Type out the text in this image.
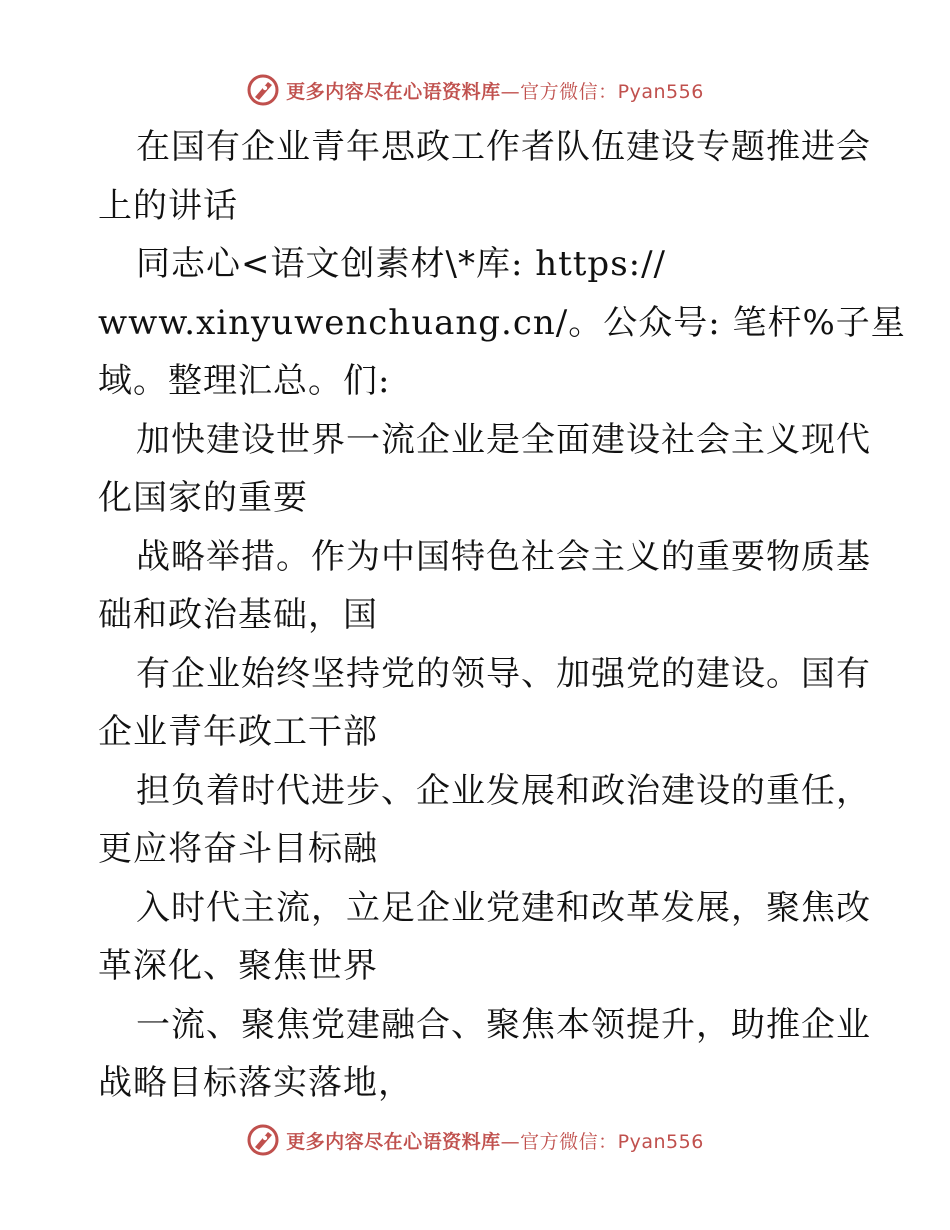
更多内容尽在心语资料库—官方微信：Pyan556
在国有企业青年思政工作者队伍建设专题推进会
上的讲话
同志心<语文创素材\*库: https://
www.xinyuwenchuang.cn/。公众号: 笔杆%子星
域。整理汇总。们:
加快建设世界一流企业是全面建设社会主义现代
化国家的重要
战略举措。作为中国特色社会主义的重要物质基
础和政治基础，国
有企业始终坚持党的领导、加强党的建设。国有
企业青年政工干部
担负着时代进步、企业发展和政治建设的重任，
更应将奋斗目标融
入时代主流，立足企业党建和改革发展，聚焦改
革深化、聚焦世界
一流、聚焦党建融合、聚焦本领提升，助推企业
战略目标落实落地，
更多内容尽在心语资料库—官方微信：Pyan556
